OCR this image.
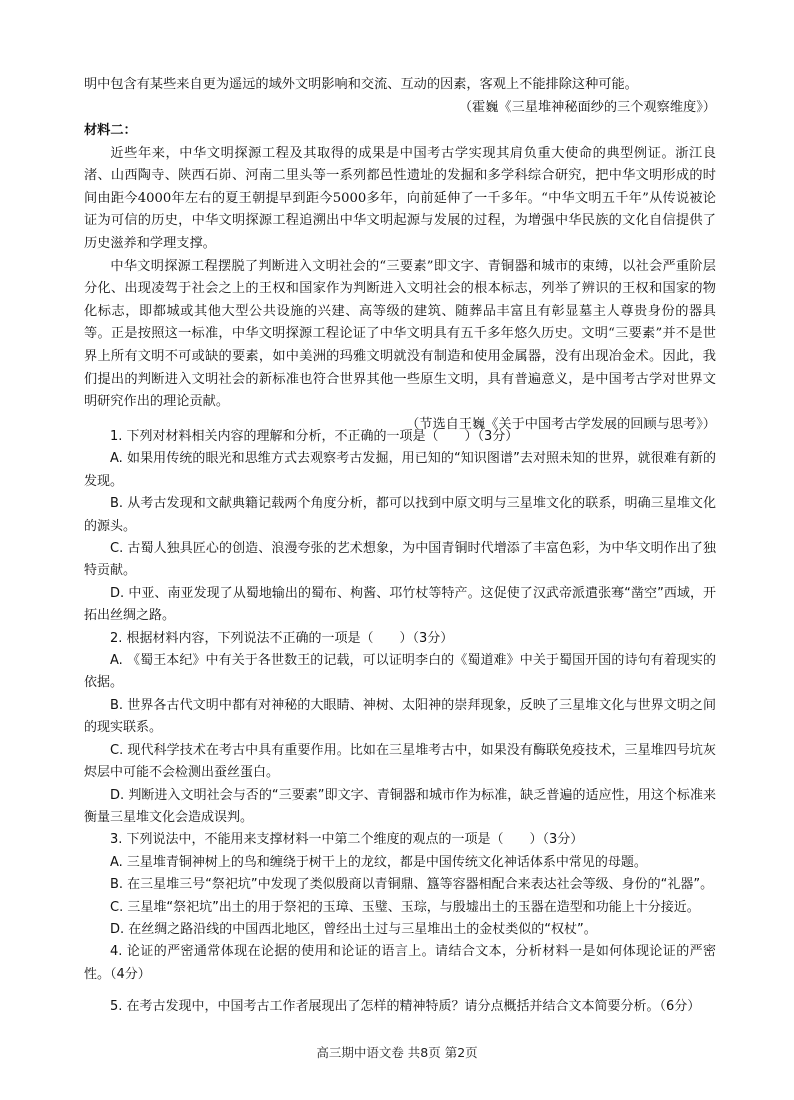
明中包含有某些来自更为遥远的域外文明影响和交流、互动的因素，客观上不能排除这种可能。

（霍巍《三星堆神秘面纱的三个观察维度》）

材料二：

近些年来，中华文明探源工程及其取得的成果是中国考古学实现其肩负重大使命的典型例证。浙江良渚、山西陶寺、陕西石峁、河南二里头等一系列都邑性遗址的发掘和多学科综合研究，把中华文明形成的时间由距今4000年左右的夏王朝提早到距今5000多年，向前延伸了一千多年。“中华文明五千年”从传说被论证为可信的历史，中华文明探源工程追溯出中华文明起源与发展的过程，为增强中华民族的文化自信提供了历史滋养和学理支撑。

中华文明探源工程摆脱了判断进入文明社会的“三要素”即文字、青铜器和城市的束缚，以社会严重阶层分化、出现凌驾于社会之上的王权和国家作为判断进入文明社会的根本标志，列举了辨识的王权和国家的物化标志，即都城或其他大型公共设施的兴建、高等级的建筑、随葬品丰富且有彰显墓主人尊贵身份的器具等。正是按照这一标准，中华文明探源工程论证了中华文明具有五千多年悠久历史。文明“三要素”并不是世界上所有文明不可或缺的要素，如中美洲的玛雅文明就没有制造和使用金属器，没有出现冶金术。因此，我们提出的判断进入文明社会的新标准也符合世界其他一些原生文明，具有普遍意义，是中国考古学对世界文明研究作出的理论贡献。

（节选自王巍《关于中国考古学发展的回顾与思考》）

1. 下列对材料相关内容的理解和分析，不正确的一项是（　　）（3分）

A. 如果用传统的眼光和思维方式去观察考古发掘，用已知的“知识图谱”去对照未知的世界，就很难有新的发现。

B. 从考古发现和文献典籍记载两个角度分析，都可以找到中原文明与三星堆文化的联系，明确三星堆文化的源头。

C. 古蜀人独具匠心的创造、浪漫夸张的艺术想象，为中国青铜时代增添了丰富色彩，为中华文明作出了独特贡献。

D. 中亚、南亚发现了从蜀地输出的蜀布、枸酱、邛竹杖等特产。这促使了汉武帝派遣张骞“凿空”西域，开拓出丝绸之路。

2. 根据材料内容，下列说法不正确的一项是（　　）（3分）

A. 《蜀王本纪》中有关于各世数王的记载，可以证明李白的《蜀道难》中关于蜀国开国的诗句有着现实的依据。

B. 世界各古代文明中都有对神秘的大眼睛、神树、太阳神的崇拜现象，反映了三星堆文化与世界文明之间的现实联系。

C. 现代科学技术在考古中具有重要作用。比如在三星堆考古中，如果没有酶联免疫技术，三星堆四号坑灰烬层中可能不会检测出蚕丝蛋白。

D. 判断进入文明社会与否的“三要素”即文字、青铜器和城市作为标准，缺乏普遍的适应性，用这个标准来衡量三星堆文化会造成误判。

3. 下列说法中，不能用来支撑材料一中第二个维度的观点的一项是（　　）（3分）

A. 三星堆青铜神树上的鸟和缠绕于树干上的龙纹，都是中国传统文化神话体系中常见的母题。

B. 在三星堆三号“祭祀坑”中发现了类似殷商以青铜鼎、簋等容器相配合来表达社会等级、身份的“礼器”。

C. 三星堆“祭祀坑”出土的用于祭祀的玉璋、玉璧、玉琮，与殷墟出土的玉器在造型和功能上十分接近。

D. 在丝绸之路沿线的中国西北地区，曾经出土过与三星堆出土的金杖类似的“权杖”。

4. 论证的严密通常体现在论据的使用和论证的语言上。请结合文本，分析材料一是如何体现论证的严密性。（4分）

5. 在考古发现中，中国考古工作者展现出了怎样的精神特质？请分点概括并结合文本简要分析。（6分）

高三期中语文卷 共8页 第2页
